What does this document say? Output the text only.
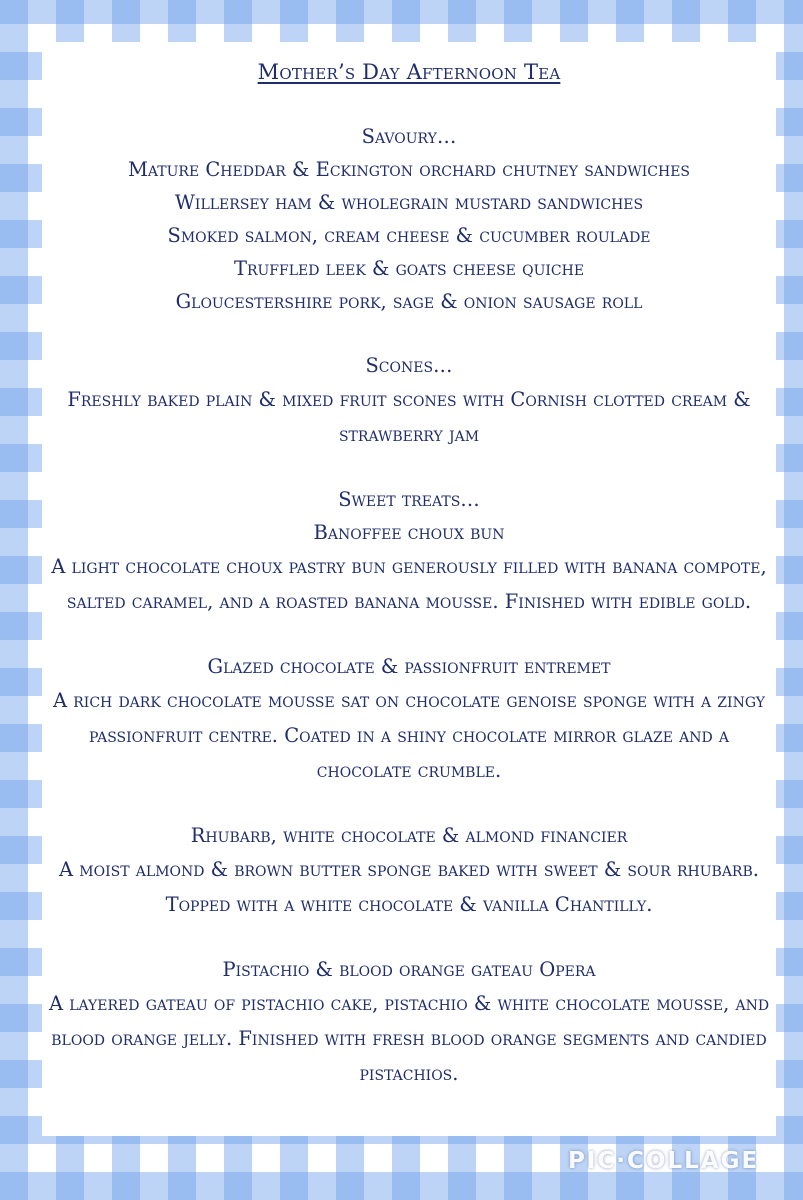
Mother’s Day Afternoon Tea
Savoury…
Mature Cheddar & Eckington orchard chutney sandwiches
Willersey ham & wholegrain mustard sandwiches
Smoked salmon, cream cheese & cucumber roulade
Truffled leek & goats cheese quiche
Gloucestershire pork, sage & onion sausage roll
Scones…
Freshly baked plain & mixed fruit scones with Cornish clotted cream & strawberry jam
Sweet treats…
Banoffee choux bun
A light chocolate choux pastry bun generously filled with banana compote, salted caramel, and a roasted banana mousse. Finished with edible gold.
Glazed chocolate & passionfruit entremet
A rich dark chocolate mousse sat on chocolate genoise sponge with a zingy passionfruit centre. Coated in a shiny chocolate mirror glaze and a chocolate crumble.
Rhubarb, white chocolate & almond financier
A moist almond & brown butter sponge baked with sweet & sour rhubarb. Topped with a white chocolate & vanilla Chantilly.
Pistachio & blood orange gateau Opera
A layered gateau of pistachio cake, pistachio & white chocolate mousse, and blood orange jelly. Finished with fresh blood orange segments and candied pistachios.
PIC·COLLAGE
